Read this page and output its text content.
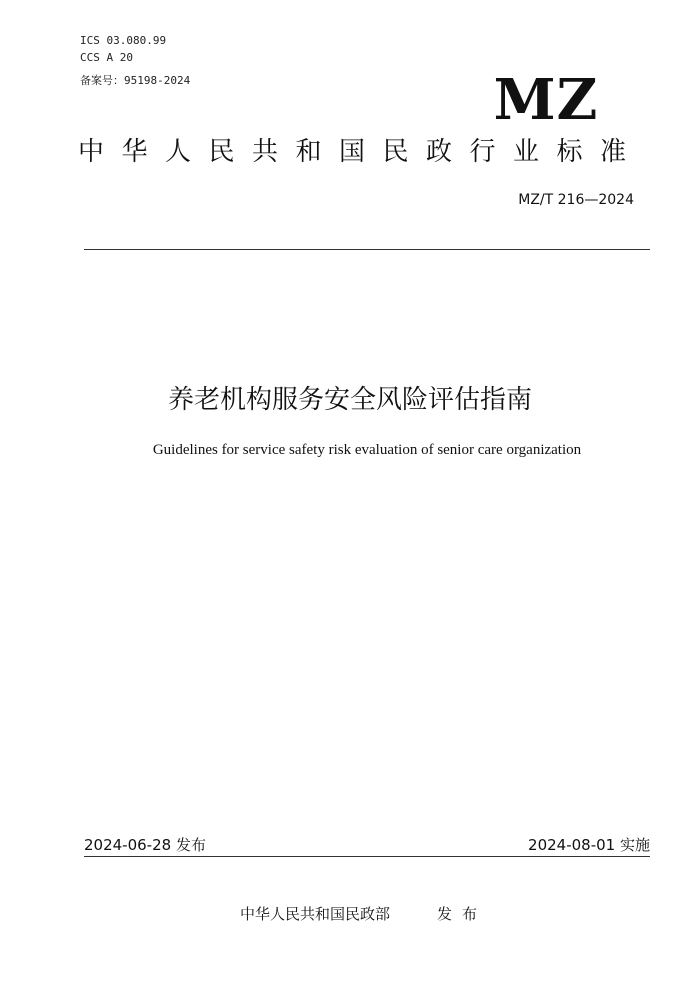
ICS 03.080.99
CCS A 20
备案号：95198-2024	MZ
中华人民共和国民政行业标准
MZ/T 216—2024
养老机构服务安全风险评估指南
Guidelines for service safety risk evaluation of senior care organization
2024-06-28 发布	2024-08-01 实施
中华人民共和国民政部	发布
